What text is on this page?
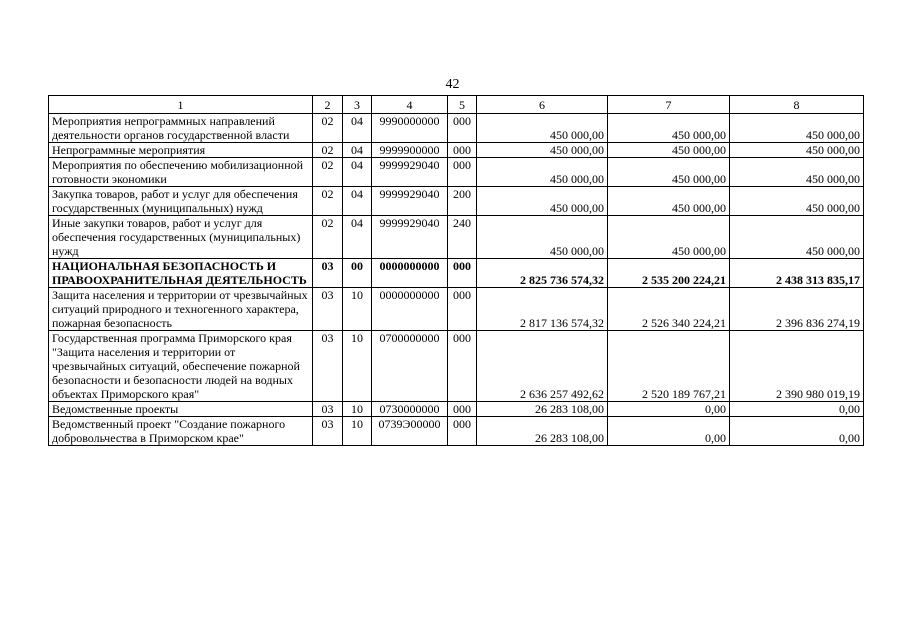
42
1	2	3	4	5	6	7	8
Мероприятия непрограммных направлений деятельности органов государственной власти	02	04	9990000000	000	450 000,00	450 000,00	450 000,00
Непрограммные мероприятия	02	04	9999900000	000	450 000,00	450 000,00	450 000,00
Мероприятия по обеспечению мобилизационной готовности экономики	02	04	9999929040	000	450 000,00	450 000,00	450 000,00
Закупка товаров, работ и услуг для обеспечения государственных (муниципальных) нужд	02	04	9999929040	200	450 000,00	450 000,00	450 000,00
Иные закупки товаров, работ и услуг для обеспечения государственных (муниципальных) нужд	02	04	9999929040	240	450 000,00	450 000,00	450 000,00
НАЦИОНАЛЬНАЯ БЕЗОПАСНОСТЬ И ПРАВООХРАНИТЕЛЬНАЯ ДЕЯТЕЛЬНОСТЬ	03	00	0000000000	000	2 825 736 574,32	2 535 200 224,21	2 438 313 835,17
Защита населения и территории от чрезвычайных ситуаций природного и техногенного характера, пожарная безопасность	03	10	0000000000	000	2 817 136 574,32	2 526 340 224,21	2 396 836 274,19
Государственная программа Приморского края "Защита населения и территории от чрезвычайных ситуаций, обеспечение пожарной безопасности и безопасности людей на водных объектах Приморского края"	03	10	0700000000	000	2 636 257 492,62	2 520 189 767,21	2 390 980 019,19
Ведомственные проекты	03	10	0730000000	000	26 283 108,00	0,00	0,00
Ведомственный проект "Создание пожарного добровольчества в Приморском крае"	03	10	0739Э00000	000	26 283 108,00	0,00	0,00
